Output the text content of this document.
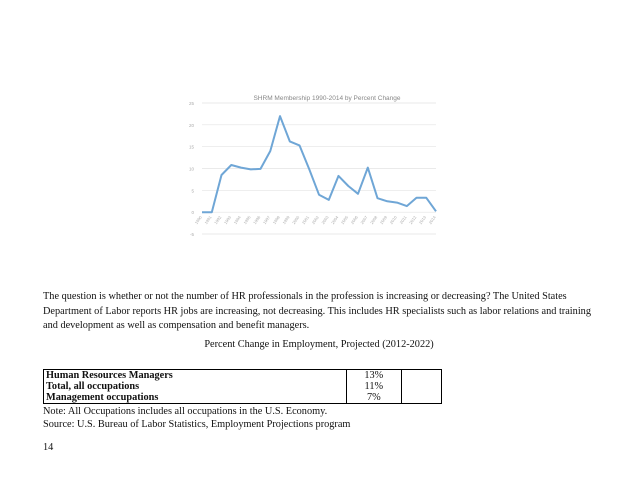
SHRM Membership 1990-2014 by Percent Change
-5
0
5
10
15
20
25
1990 1991 1992 1993 1994 1995 1996 1997 1998 1999 2000 2001 2002 2003 2004 2005 2006 2007 2008 2009 2010 2011 2012 2013 2014
The question is whether or not the number of HR professionals in the profession is increasing or decreasing? The United States Department of Labor reports HR jobs are increasing, not decreasing. This includes HR specialists such as labor relations and training and development as well as compensation and benefit managers.
Percent Change in Employment, Projected (2012-2022)
Human Resources Managers	13%	
Total, all occupations	11%	
Management occupations	7%	
Note: All Occupations includes all occupations in the U.S. Economy.
Source: U.S. Bureau of Labor Statistics, Employment Projections program
14
